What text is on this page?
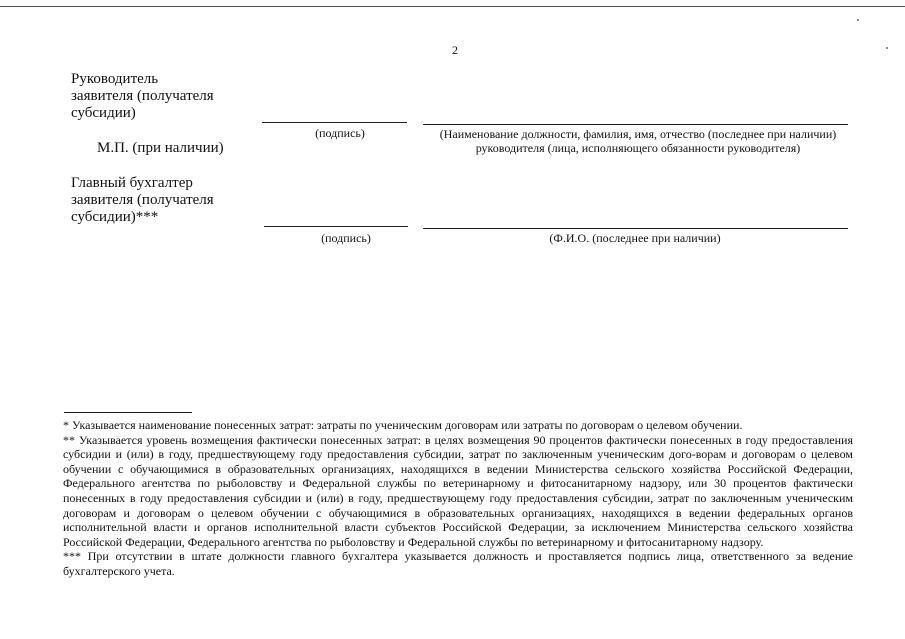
2
Руководитель
заявителя (получателя
субсидии)
(подпись)	(Наименование должности, фамилия, имя, отчество (последнее при наличии) руководителя (лица, исполняющего обязанности руководителя)
М.П. (при наличии)
Главный бухгалтер
заявителя (получателя
субсидии)***
(подпись)	(Ф.И.О. (последнее при наличии)

* Указывается наименование понесенных затрат: затраты по ученическим договорам или затраты по договорам о целевом обучении.

** Указывается уровень возмещения фактически понесенных затрат: в целях возмещения 90 процентов фактически понесенных в году предоставления субсидии и (или) в году, предшествующему году предоставления субсидии, затрат по заключенным ученическим дого-ворам и договорам о целевом обучении с обучающимися в образовательных организациях, находящихся в ведении Министерства сельского хозяйства Российской Федерации, Федерального агентства по рыболовству и Федеральной службы по ветеринарному и фитосанитарному надзору, или 30 процентов фактически понесенных в году предоставления субсидии и (или) в году, предшествующему году предоставления субсидии, затрат по заключенным ученическим договорам и договорам о целевом обучении с обучающимися в образовательных организациях, находящихся в ведении федеральных органов исполнительной власти и органов исполнительной власти субъектов Российской Федерации, за исключением Министерства сельского хозяйства Российской Федерации, Федерального агентства по рыболовству и Федеральной службы по ветеринарному и фитосанитарному надзору.

*** При отсутствии в штате должности главного бухгалтера указывается должность и проставляется подпись лица, ответственного за ведение бухгалтерского учета.
